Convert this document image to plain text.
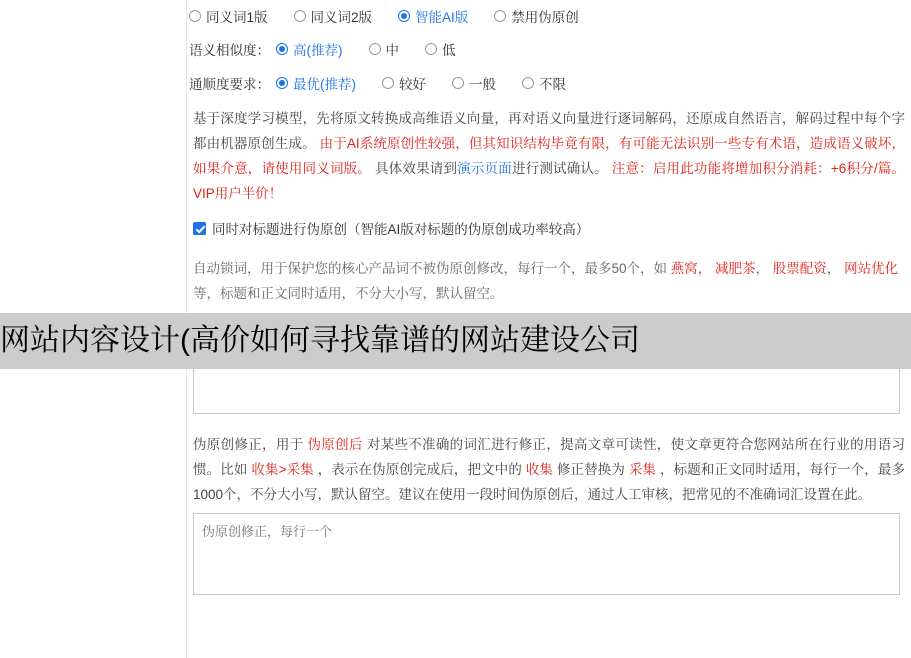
同义词1版	同义词2版	智能AI版	禁用伪原创
语义相似度： 高(推荐)	中	低
通顺度要求： 最优(推荐)	较好	一般	不限
基于深度学习模型，先将原文转换成高维语义向量，再对语义向量进行逐词解码，还原成自然语言，解码过程中每个字都由机器原创生成。 由于AI系统原创性较强，但其知识结构毕竟有限，有可能无法识别一些专有术语，造成语义破坏，如果介意，请使用同义词版。 具体效果请到演示页面进行测试确认。 注意：启用此功能将增加积分消耗：+6积分/篇。VIP用户半价！
同时对标题进行伪原创（智能AI版对标题的伪原创成功率较高）
自动锁词，用于保护您的核心产品词不被伪原创修改，每行一个，最多50个，如 燕窝， 减肥茶， 股票配资， 网站优化 等，标题和正文同时适用，不分大小写，默认留空。
自动锁词，每行一个
伪原创修正，用于 伪原创后 对某些不准确的词汇进行修正，提高文章可读性，使文章更符合您网站所在行业的用语习惯。比如 收集>采集 ，表示在伪原创完成后，把文中的 收集 修正替换为 采集 ，标题和正文同时适用，每行一个，最多1000个，不分大小写，默认留空。建议在使用一段时间伪原创后，通过人工审核，把常见的不准确词汇设置在此。
伪原创修正，每行一个
网站内容设计(高价如何寻找靠谱的网站建设公司
